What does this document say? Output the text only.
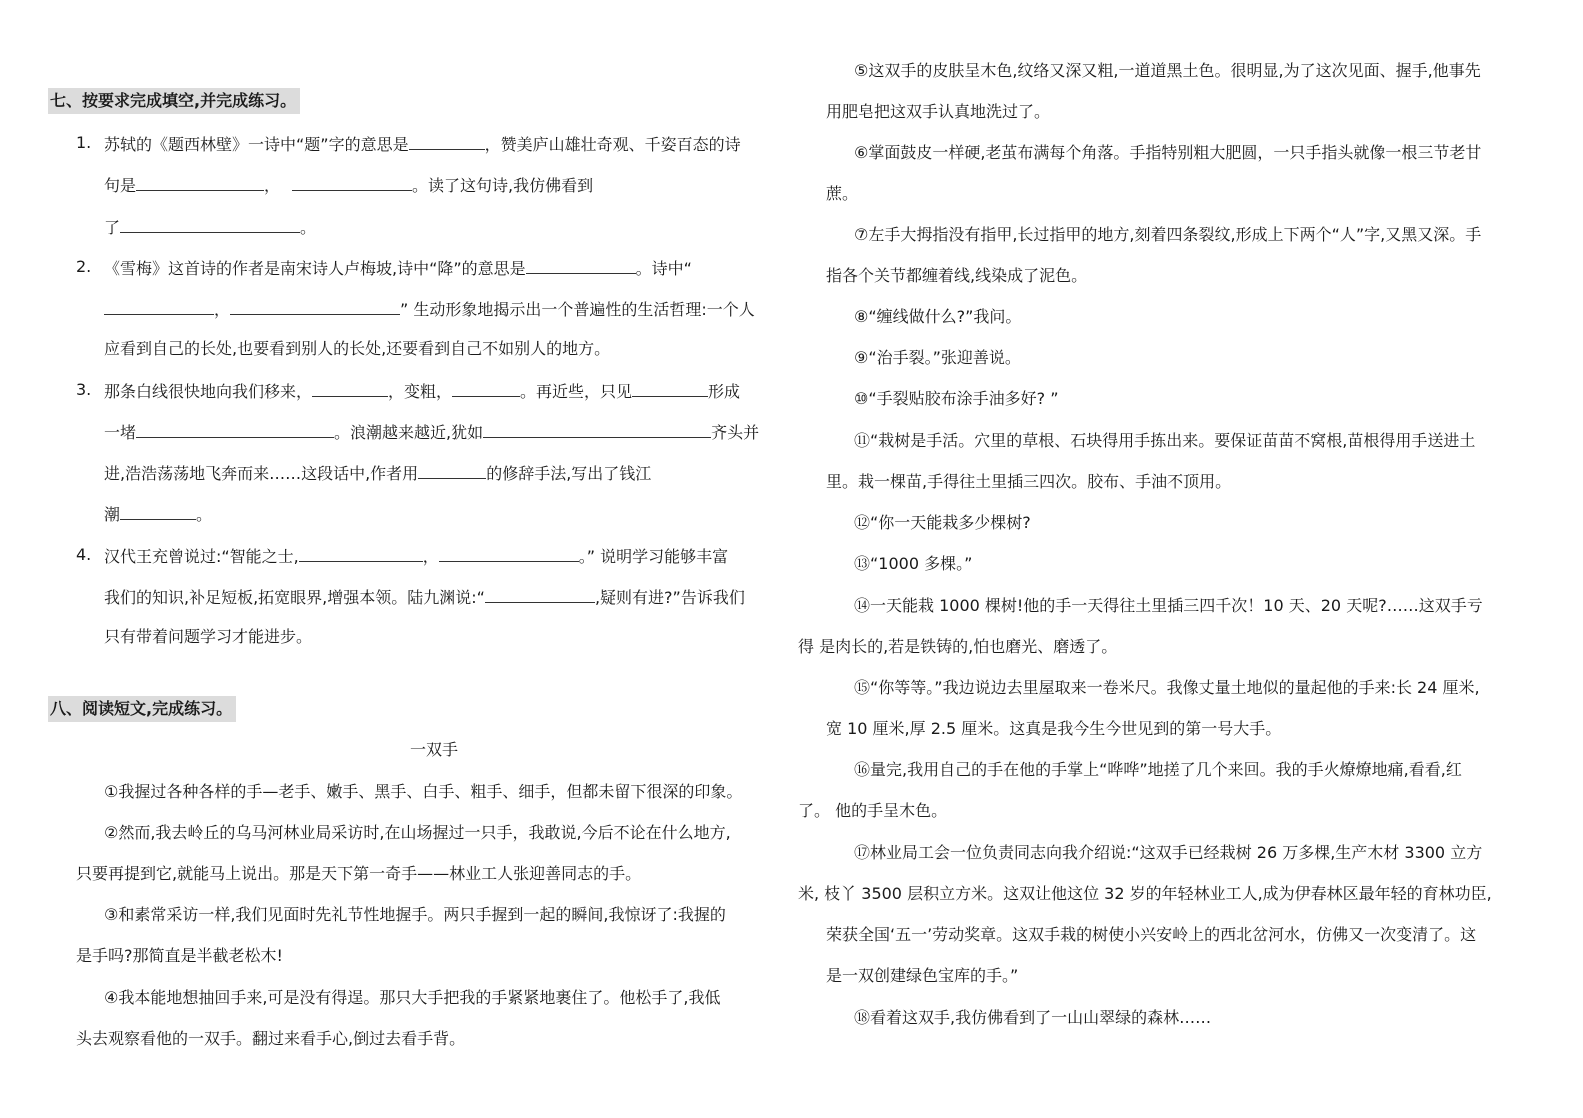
七、按要求完成填空,并完成练习。
1. 苏轼的《题西林壁》一诗中“题”字的意思是	，赞美庐山雄壮奇观、千姿百态的诗
句是	，	。读了这句诗,我仿佛看到
了	。
2. 《雪梅》这首诗的作者是南宋诗人卢梅坡,诗中“降”的意思是	。诗中“
，	” 生动形象地揭示出一个普遍性的生活哲理:一个人
应看到自己的长处,也要看到别人的长处,还要看到自己不如别人的地方。
3. 那条白线很快地向我们移来，	，变粗，	。再近些，只见	形成
一堵	。浪潮越来越近,犹如	齐头并
进,浩浩荡荡地飞奔而来……这段话中,作者用	的修辞手法,写出了钱江
潮	。
4. 汉代王充曾说过:“智能之士,	，	。” 说明学习能够丰富
我们的知识,补足短板,拓宽眼界,增强本领。陆九渊说:“	,疑则有进?”告诉我们
只有带着问题学习才能进步。
八、阅读短文,完成练习。
一双手
①我握过各种各样的手—老手、嫩手、黑手、白手、粗手、细手，但都未留下很深的印象。
②然而,我去岭丘的乌马河林业局采访时,在山场握过一只手，我敢说,今后不论在什么地方,
只要再提到它,就能马上说出。那是天下第一奇手——林业工人张迎善同志的手。
③和素常采访一样,我们见面时先礼节性地握手。两只手握到一起的瞬间,我惊讶了:我握的
是手吗?那简直是半截老松木!
④我本能地想抽回手来,可是没有得逞。那只大手把我的手紧紧地裹住了。他松手了,我低
头去观察看他的一双手。翻过来看手心,倒过去看手背。
⑤这双手的皮肤呈木色,纹络又深又粗,一道道黑土色。很明显,为了这次见面、握手,他事先
用肥皂把这双手认真地洗过了。
⑥掌面鼓皮一样硬,老茧布满每个角落。手指特别粗大肥圆，一只手指头就像一根三节老甘
蔗。
⑦左手大拇指没有指甲,长过指甲的地方,刻着四条裂纹,形成上下两个“人”字,又黑又深。手
指各个关节都缠着线,线染成了泥色。
⑧“缠线做什么?”我问。
⑨“治手裂。”张迎善说。
⑩“手裂贴胶布涂手油多好? ”
⑪“栽树是手活。穴里的草根、石块得用手拣出来。要保证苗苗不窝根,苗根得用手送进土
里。栽一棵苗,手得往土里插三四次。胶布、手油不顶用。
⑫“你一天能栽多少棵树?
⑬“1000 多棵。”
⑭一天能栽 1000 棵树!他的手一天得往土里插三四千次！10 天、20 天呢?……这双手亏
得 是肉长的,若是铁铸的,怕也磨光、磨透了。
⑮“你等等。”我边说边去里屋取来一卷米尺。我像丈量土地似的量起他的手来:长 24 厘米,
宽 10 厘米,厚 2.5 厘米。这真是我今生今世见到的第一号大手。
⑯量完,我用自己的手在他的手掌上“哗哗”地搓了几个来回。我的手火燎燎地痛,看看,红
了。 他的手呈木色。
⑰林业局工会一位负责同志向我介绍说:“这双手已经栽树 26 万多棵,生产木材 3300 立方
米, 枝丫 3500 层积立方米。这双让他这位 32 岁的年轻林业工人,成为伊春林区最年轻的育林功臣,
荣获全国‘五一’劳动奖章。这双手栽的树使小兴安岭上的西北岔河水，仿佛又一次变清了。这
是一双创建绿色宝库的手。”
⑱看着这双手,我仿佛看到了一山山翠绿的森林……
